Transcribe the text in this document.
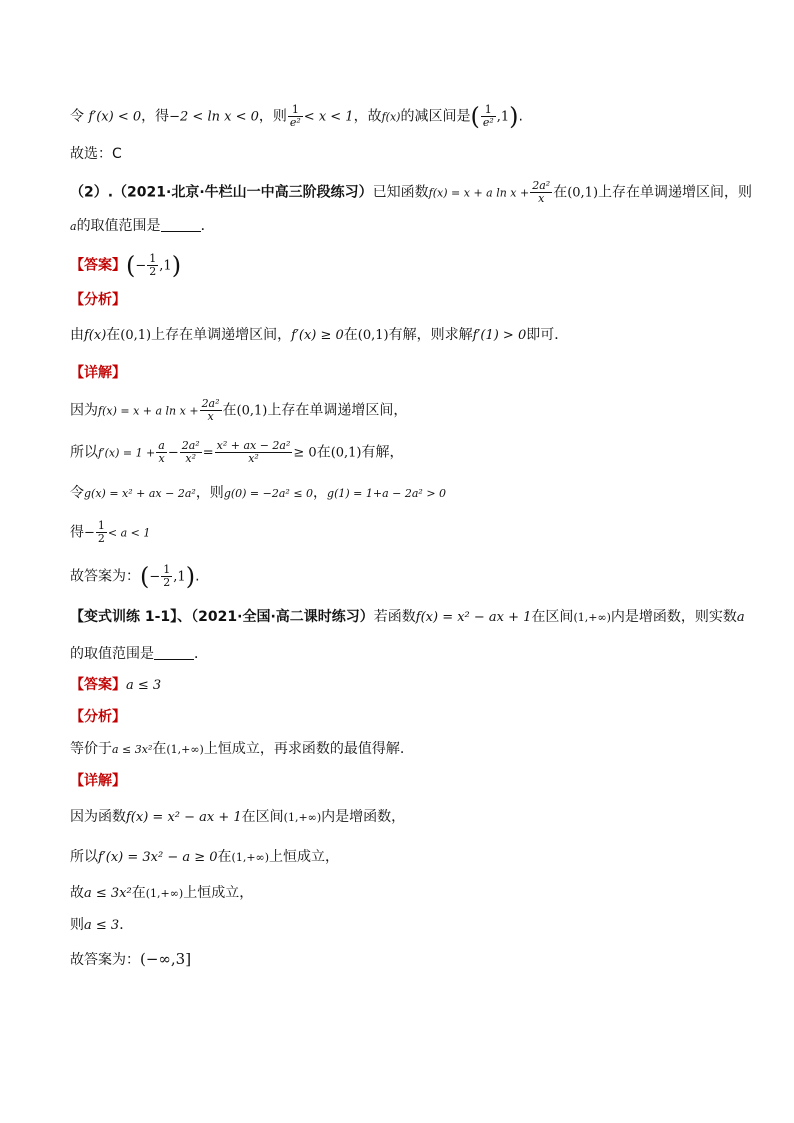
令 f′(x) < 0，得−2 < ln x < 0，则 $\frac{1}{\text{e²}} < x < 1$，故f(x)的减区间是( $\frac{1}{\text{e²}} ,1$).
故选：C
（2）.（2021·北京·牛栏山一中高三阶段练习）已知函数f(x) = x + a $\ln x + \frac{\text{2a²}}{x}$ 在(0,1)上存在单调递增区间，则
a的取值范围是	．
【答案】(− $\frac{1}{2} ,1$)
【分析】
由f(x)在(0,1)上存在单调递增区间，f′(x) ≥ 0在(0,1)有解，则求解f′(1) > 0即可．
【详解】
因为f(x) = x + a $\ln x + \frac{\text{2a²}}{x}$ 在(0,1)上存在单调递增区间，
所以$f'(x) = 1 + \frac{a}{x} - \frac{\text{2a²}}{\text{x²}} = \frac{\text{x² + ax − 2a²}}{\text{x²}} \ge 0$在(0,1)有解，
令g(x) = x² + ax − 2a²，则g(0) = −2a² ≤ 0，g(1) = 1+a − 2a² > 0
得− $\frac{1}{2} < a < 1$
故答案为：(− $\frac{1}{2} ,1$).
【变式训练 1-1】、（2021·全国·高二课时练习）若函数f(x) = x² − ax + 1在区间(1,+∞)内是增函数，则实数a
的取值范围是	．
【答案】a ≤ 3
【分析】
等价于a ≤ 3x²在(1,+∞)上恒成立，再求函数的最值得解.
【详解】
因为函数f(x) = x² − ax + 1在区间(1,+∞)内是增函数，
所以f′(x) = 3x² − a ≥ 0在(1,+∞)上恒成立，
故a ≤ 3x²在(1,+∞)上恒成立，
则a ≤ 3．
故答案为：(−∞,3]
